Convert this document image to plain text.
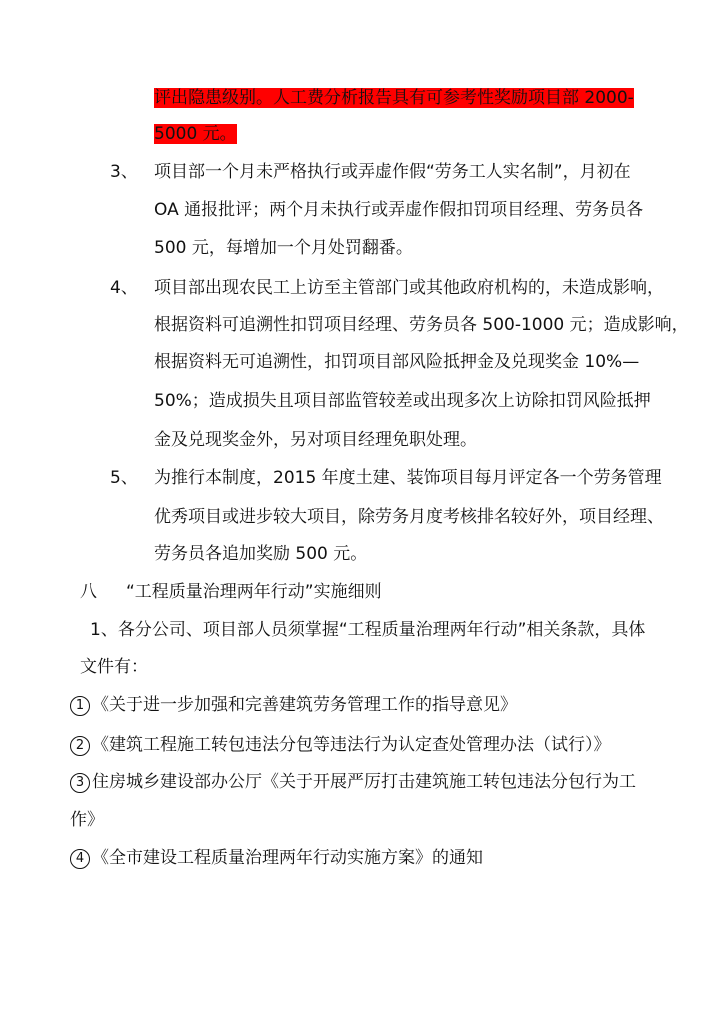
评出隐患级别。人工费分析报告具有可参考性奖励项目部 2000-
5000 元。
3、 项目部一个月未严格执行或弄虚作假“劳务工人实名制”，月初在
OA 通报批评；两个月未执行或弄虚作假扣罚项目经理、劳务员各
500 元，每增加一个月处罚翻番。
4、 项目部出现农民工上访至主管部门或其他政府机构的，未造成影响，
根据资料可追溯性扣罚项目经理、劳务员各 500-1000 元；造成影响，
根据资料无可追溯性，扣罚项目部风险抵押金及兑现奖金 10%—
50%；造成损失且项目部监管较差或出现多次上访除扣罚风险抵押
金及兑现奖金外，另对项目经理免职处理。
5、 为推行本制度，2015 年度土建、装饰项目每月评定各一个劳务管理
优秀项目或进步较大项目，除劳务月度考核排名较好外，项目经理、
劳务员各追加奖励 500 元。
八 “工程质量治理两年行动”实施细则
1、各分公司、项目部人员须掌握“工程质量治理两年行动”相关条款，具体
文件有：
1 《关于进一步加强和完善建筑劳务管理工作的指导意见》
2 《建筑工程施工转包违法分包等违法行为认定查处管理办法（试行）》
3 住房城乡建设部办公厅《关于开展严厉打击建筑施工转包违法分包行为工
作》
4 《全市建设工程质量治理两年行动实施方案》的通知
